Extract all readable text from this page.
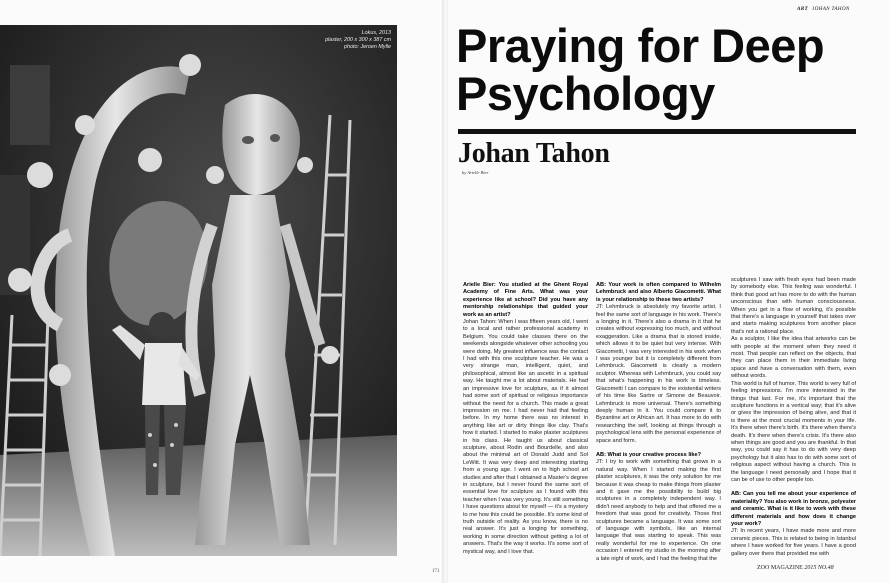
Lokus, 2013
plaster, 200 x 300 x 387 cm
photo: Jeroen Mylle
171
ART JOHAN TAHON
Praying for Deep
Psychology
Johan Tahon
by Arielle Bier

Arielle Bier: You studied at the Ghent Royal Academy of Fine Arts. What was your experience like at school? Did you have any mentorship relationships that guided your work as an artist?

Johan Tahon: When I was fifteen years old, I went to a local and rather professional academy in Belgium. You could take classes there on the weekends alongside whatever other schooling you were doing. My greatest influence was the contact I had with this one sculpture teacher. He was a very strange man, intelligent, quiet, and philosophical, almost like an ascetic in a spiritual way. He taught me a lot about materials. He had an impressive love for sculpture, as if it almost had some sort of spiritual or religious importance without the need for a church. This made a great impression on me. I had never had that feeling before. In my home there was no interest in anything like art or dirty things like clay. That's how it started. I started to make plaster sculptures in his class. He taught us about classical sculpture, about Rodin and Bourdelle, and also about the minimal art of Donald Judd and Sol LeWitt. It was very deep and interesting starting from a young age. I went on to high school art studies and after that I obtained a Master's degree in sculpture, but I never found the same sort of essential love for sculpture as I found with this teacher when I was very young. It's still something I have questions about for myself — it's a mystery to me how this could be possible. It's some kind of truth outside of reality. As you know, there is no real answer. It's just a longing for something, working in some direction without getting a lot of answers. That's the way it works. It's some sort of mystical way, and I love that.

AB: Your work is often compared to Wilhelm Lehmbruck and also Alberto Giacometti. What is your relationship to these two artists?

JT: Lehmbruck is absolutely my favorite artist. I feel the same sort of language in his work. There's a longing in it. There's also a drama in it that he creates without expressing too much, and without exaggeration. Like a drama that is stored inside, which allows it to be quiet but very intense. With Giacometti, I was very interested in his work when I was younger but it is completely different from Lehmbruck. Giacometti is clearly a modern sculptor. Whereas with Lehmbruck, you could say that what's happening in his work is timeless. Giacometti I can compare to the existential writers of his time like Sartre or Simone de Beauvoir. Lehmbruck is more universal. There's something deeply human in it. You could compare it to Byzantine art or African art. It has more to do with researching the self, looking at things through a psychological lens with the personal experience of space and form.

AB: What is your creative process like?

JT: I try to work with something that grows in a natural way. When I started making the first plaster sculptures, it was the only solution for me because it was cheap to make things from plaster and it gave me the possibility to build big sculptures in a completely independent way. I didn't need anybody to help and that offered me a freedom that was good for creativity. Those first sculptures became a language. It was some sort of language with symbols, like an internal language that was starting to speak. This was really wonderful for me to experience. On one occasion I entered my studio in the morning after a late night of work, and I had the feeling that the

sculptures I saw with fresh eyes had been made by somebody else. This feeling was wonderful. I think that good art has more to do with the human unconscious than with human consciousness. When you get in a flow of working, it's possible that there's a language in yourself that takes over and starts making sculptures from another place that's not a rational place.

As a sculptor, I like the idea that artworks can be with people at the moment when they need it most. That people can reflect on the objects, that they can place them in their immediate living space and have a conversation with them, even without words.

This world is full of humor. This world is very full of feeling impressions. I'm more interested in the things that last. For me, it's important that the sculpture functions in a vertical way; that it's alive or gives the impression of being alive, and that it is there at the most crucial moments in your life. It's there when there's birth. It's there when there's death. It's there when there's crisis. It's there also when things are good and you are thankful. In that way, you could say it has to do with very deep psychology but it also has to do with some sort of religious aspect without having a church. This is the language I need personally and I hope that it can be of use to other people too.

AB: Can you tell me about your experience of materiality? You also work in bronze, polyester and ceramic. What is it like to work with these different materials and how does it change your work?

JT: In recent years, I have made more and more ceramic pieces. This is related to being in Istanbul where I have worked for five years. I have a good gallery over there that provided me with

ZOO MAGAZINE 2015 NO.48
